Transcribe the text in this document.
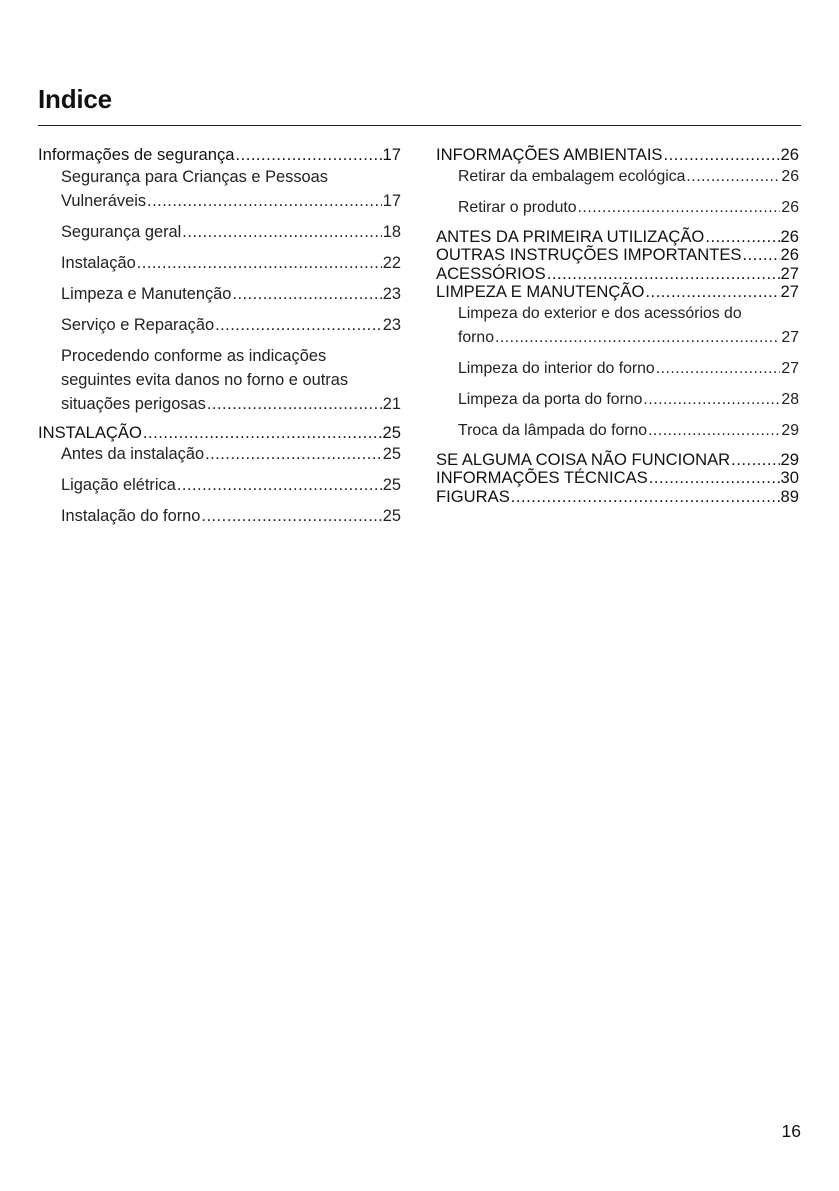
Indice
Informações de segurança .....	17
Segurança para Crianças e Pessoas
Vulneráveis .....	17
Segurança geral .....	18
Instalação .....	22
Limpeza e Manutenção .....	23
Serviço e Reparação .....	23
Procedendo conforme as indicações
seguintes evita danos no forno e outras
situações perigosas .....	21
INSTALAÇÃO .....	25
Antes da instalação .....	25
Ligação elétrica .....	25
Instalação do forno .....	25
INFORMAÇÕES AMBIENTAIS .....	26
Retirar da embalagem ecológica .....	26
Retirar o produto .....	26
ANTES DA PRIMEIRA UTILIZAÇÃO .....	26
OUTRAS INSTRUÇÕES IMPORTANTES ..... 26
ACESSÓRIOS .....	27
LIMPEZA E MANUTENÇÃO .....	27
Limpeza do exterior e dos acessórios do
forno .....	27
Limpeza do interior do forno .....	27
Limpeza da porta do forno .....	28
Troca da lâmpada do forno .....	29
SE ALGUMA COISA NÃO FUNCIONAR .....	29
INFORMAÇÕES TÉCNICAS .....	30
FIGURAS .....	89
16
